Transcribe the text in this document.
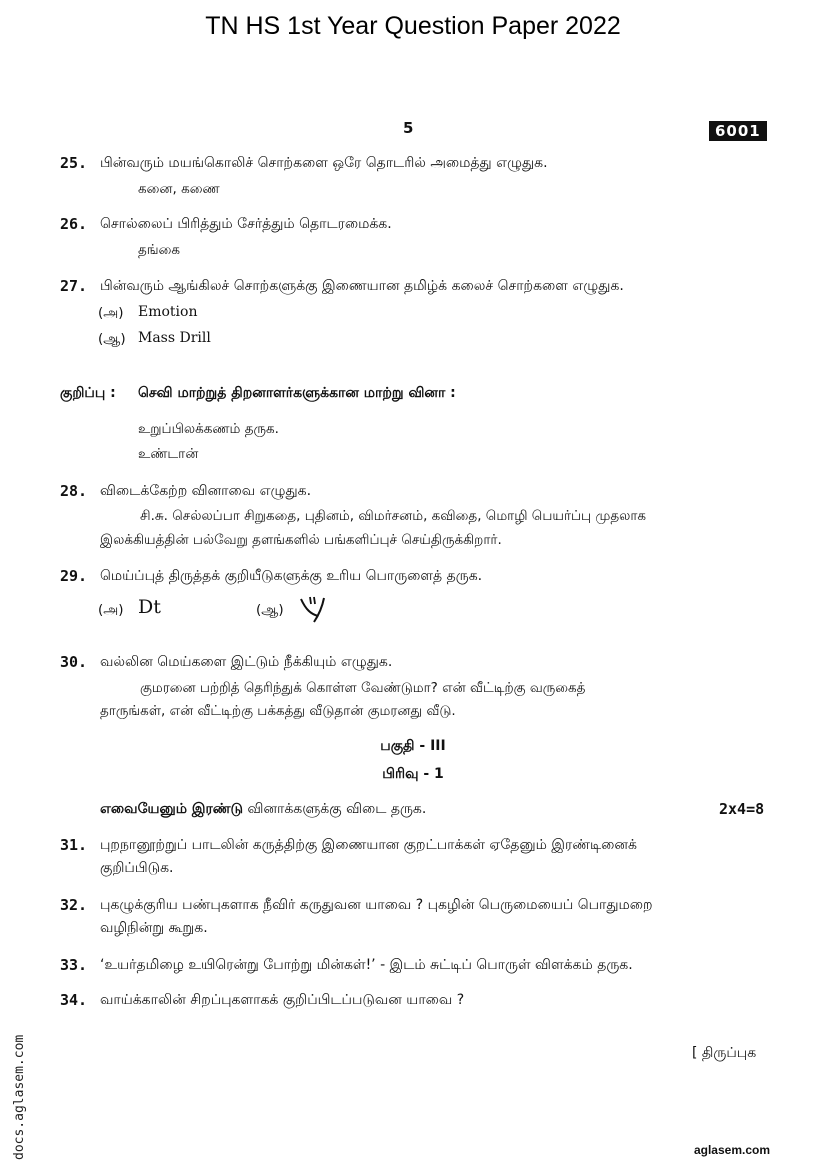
TN HS 1st Year Question Paper 2022
5	6001
25. பின்வரும் மயங்கொலிச் சொற்களை ஒரே தொடரில் அமைத்து எழுதுக.
கனை, கணை
26. சொல்லைப் பிரித்தும் சேர்த்தும் தொடரமைக்க.
தங்கை
27. பின்வரும் ஆங்கிலச் சொற்களுக்கு இணையான தமிழ்க் கலைச் சொற்களை எழுதுக.
(அ) Emotion
(ஆ) Mass Drill
குறிப்பு : செவி மாற்றுத் திறனாளர்களுக்கான மாற்று வினா :
உறுப்பிலக்கணம் தருக.
உண்டான்
28. விடைக்கேற்ற வினாவை எழுதுக.
சி.சு. செல்லப்பா சிறுகதை, புதினம், விமர்சனம், கவிதை, மொழி பெயர்ப்பு முதலாக
இலக்கியத்தின் பல்வேறு தளங்களில் பங்களிப்புச் செய்திருக்கிறார்.
29. மெய்ப்புத் திருத்தக் குறியீடுகளுக்கு உரிய பொருளைத் தருக.
(அ) Dt	(ஆ)
30. வல்லின மெய்களை இட்டும் நீக்கியும் எழுதுக.
குமரனை பற்றித் தெரிந்துக் கொள்ள வேண்டுமா? என் வீட்டிற்கு வருகைத்
தாருங்கள், என் வீட்டிற்கு பக்கத்து வீடுதான் குமரனது வீடு.
பகுதி - III
பிரிவு - 1
எவையேனும் இரண்டு வினாக்களுக்கு விடை தருக.	2x4=8
31. புறநானூற்றுப் பாடலின் கருத்திற்கு இணையான குறட்பாக்கள் ஏதேனும் இரண்டினைக்
குறிப்பிடுக.
32. புகழுக்குரிய பண்புகளாக நீவிர் கருதுவன யாவை ? புகழின் பெருமையைப் பொதுமறை
வழிநின்று கூறுக.
33. ‘உயர்தமிழை உயிரென்று போற்று மின்கள்!’ - இடம் சுட்டிப் பொருள் விளக்கம் தருக.
34. வாய்க்காலின் சிறப்புகளாகக் குறிப்பிடப்படுவன யாவை ?
[ திருப்புக
docs.aglasem.com	aglasem.com
